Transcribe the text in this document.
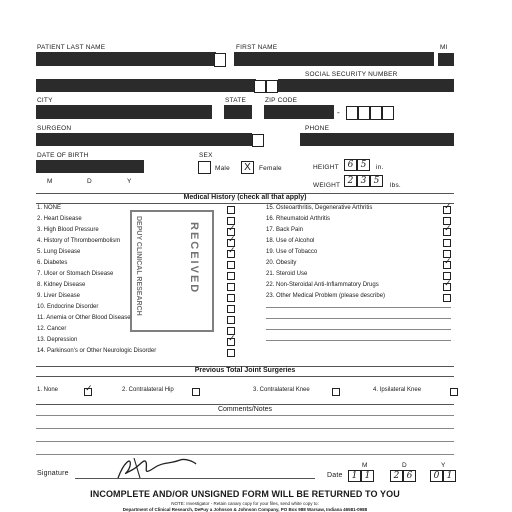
PATIENT LAST NAME	FIRST NAME	MI
SOCIAL SECURITY NUMBER
CITY	STATE	ZIP CODE
-
SURGEON	PHONE
DATE OF BIRTH
M	D	Y
SEX
Male	X	Female	HEIGHT 6 5	in.
WEIGHT 2 3 5	lbs.
Medical History (check all that apply)
1. NONE
2. Heart Disease
3. High Blood Pressure	✓
4. History of Thromboembolism	✓
5. Lung Disease	✓
6. Diabetes
7. Ulcer or Stomach Disease
8. Kidney Disease
9. Liver Disease
10. Endocrine Disorder
11. Anemia or Other Blood Disease
12. Cancer
13. Depression	✓
14. Parkinson's or Other Neurologic Disorder
15. Osteoarthritis, Degenerative Arthritis	✓
16. Rheumatoid Arthritis
17. Back Pain	✓
18. Use of Alcohol
19. Use of Tobacco
20. Obesity	✓
21. Steroid Use
22. Non-Steroidal Anti-Inflammatory Drugs	✓
23. Other Medical Problem (please describe)
DEPUY CLINICAL RESEARCH	RECEIVED
Previous Total Joint Surgeries
1. None	✓	2. Contralateral Hip	3. Contralateral Knee	4. Ipsilateral Knee
Comments/Notes
Signature	Date
M	D	Y
1 1	2 6	0 1
INCOMPLETE AND/OR UNSIGNED FORM WILL BE RETURNED TO YOU
NOTE: Investigator - Retain canary copy for your files, send white copy to:
Department of Clinical Research, DePuy a Johnson & Johnson Company, PO Box 988 Warsaw, Indiana 46581-0988
